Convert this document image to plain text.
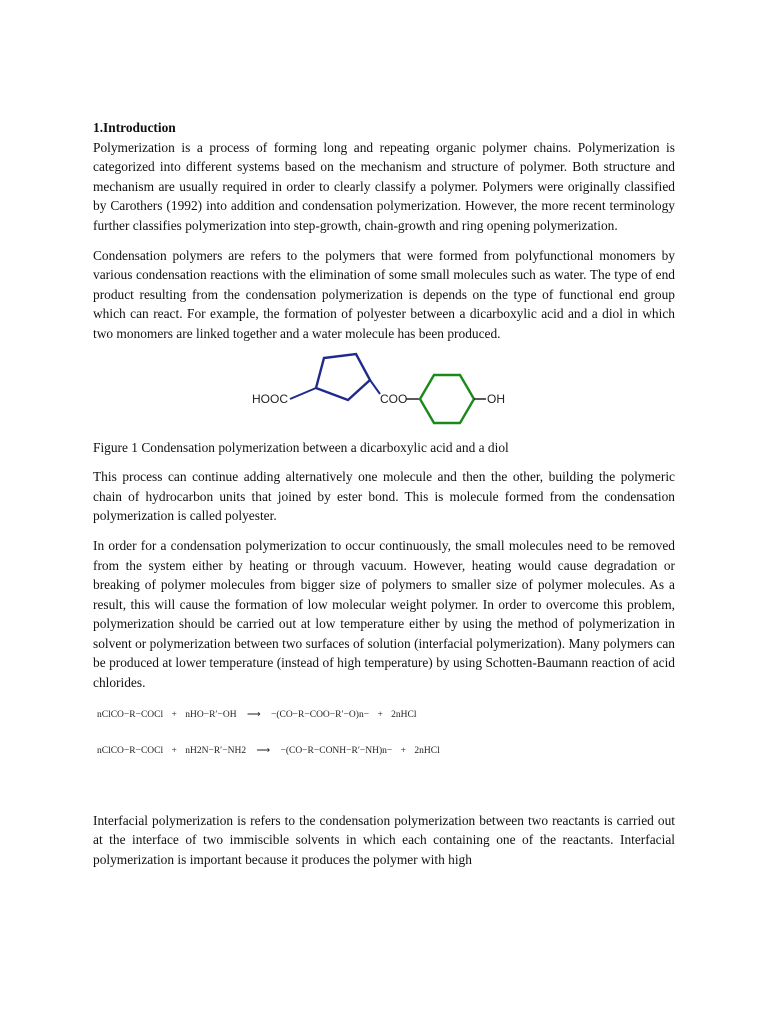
1.Introduction

Polymerization is a process of forming long and repeating organic polymer chains. Polymerization is categorized into different systems based on the mechanism and structure of polymer. Both structure and mechanism are usually required in order to clearly classify a polymer. Polymers were originally classified by Carothers (1992) into addition and condensation polymerization. However, the more recent terminology further classifies polymerization into step-growth, chain-growth and ring opening polymerization.

Condensation polymers are refers to the polymers that were formed from polyfunctional monomers by various condensation reactions with the elimination of some small molecules such as water. The type of end product resulting from the condensation polymerization is depends on the type of functional end group which can react. For example, the formation of polyester between a dicarboxylic acid and a diol in which two monomers are linked together and a water molecule has been produced.

HOOC	COO	OH

Figure 1 Condensation polymerization between a dicarboxylic acid and a diol

This process can continue adding alternatively one molecule and then the other, building the polymeric chain of hydrocarbon units that joined by ester bond. This is molecule formed from the condensation polymerization is called polyester.

In order for a condensation polymerization to occur continuously, the small molecules need to be removed from the system either by heating or through vacuum. However, heating would cause degradation or breaking of polymer molecules from bigger size of polymers to smaller size of polymer molecules. As a result, this will cause the formation of low molecular weight polymer. In order to overcome this problem, polymerization should be carried out at low temperature either by using the method of polymerization in solvent or polymerization between two surfaces of solution (interfacial polymerization). Many polymers can be produced at lower temperature (instead of high temperature) by using Schotten-Baumann reaction of acid chlorides.

nClCO−R−COCl + nHO−R′−OH ⟶ −(CO−R−COO−R′−O)n− + 2nHCl
nClCO−R−COCl + nH2N−R′−NH2 ⟶ −(CO−R−CONH−R′−NH)n− + 2nHCl

Interfacial polymerization is refers to the condensation polymerization between two reactants is carried out at the interface of two immiscible solvents in which each containing one of the reactants. Interfacial polymerization is important because it produces the polymer with high
